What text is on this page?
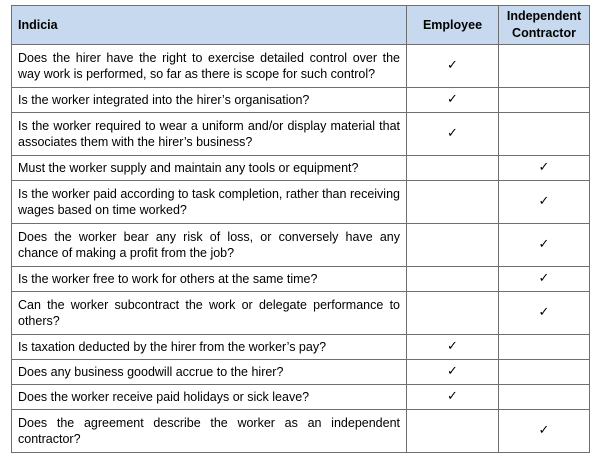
Indicia	Employee	Independent
Contractor
Does the hirer have the right to exercise detailed control over the way work is performed, so far as there is scope for such control?	✓	
Is the worker integrated into the hirer’s organisation?	✓	
Is the worker required to wear a uniform and/or display material that associates them with the hirer’s business?	✓	
Must the worker supply and maintain any tools or equipment?		✓
Is the worker paid according to task completion, rather than receiving wages based on time worked?		✓
Does the worker bear any risk of loss, or conversely have any chance of making a profit from the job?		✓
Is the worker free to work for others at the same time?		✓
Can the worker subcontract the work or delegate performance to others?		✓
Is taxation deducted by the hirer from the worker’s pay?	✓	
Does any business goodwill accrue to the hirer?	✓	
Does the worker receive paid holidays or sick leave?	✓	
Does the agreement describe the worker as an independent contractor?		✓
